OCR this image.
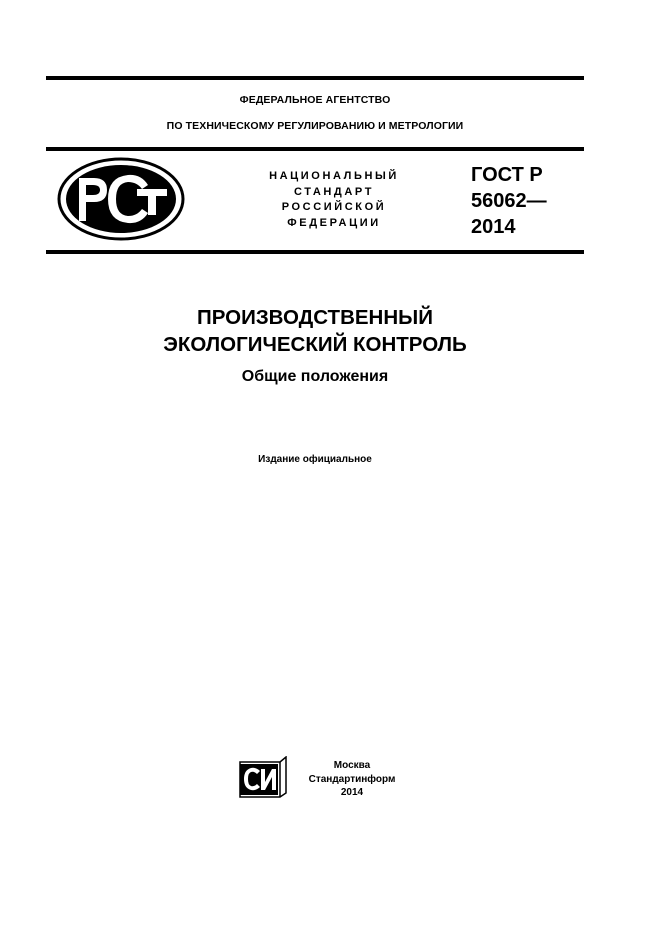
ФЕДЕРАЛЬНОЕ АГЕНТСТВО
ПО ТЕХНИЧЕСКОМУ РЕГУЛИРОВАНИЮ И МЕТРОЛОГИИ
НАЦИОНАЛЬНЫЙ
СТАНДАРТ
РОССИЙСКОЙ
ФЕДЕРАЦИИ
ГОСТ Р
56062—
2014
ПРОИЗВОДСТВЕННЫЙ
ЭКОЛОГИЧЕСКИЙ КОНТРОЛЬ
Общие положения
Издание официальное
Москва
Стандартинформ
2014
